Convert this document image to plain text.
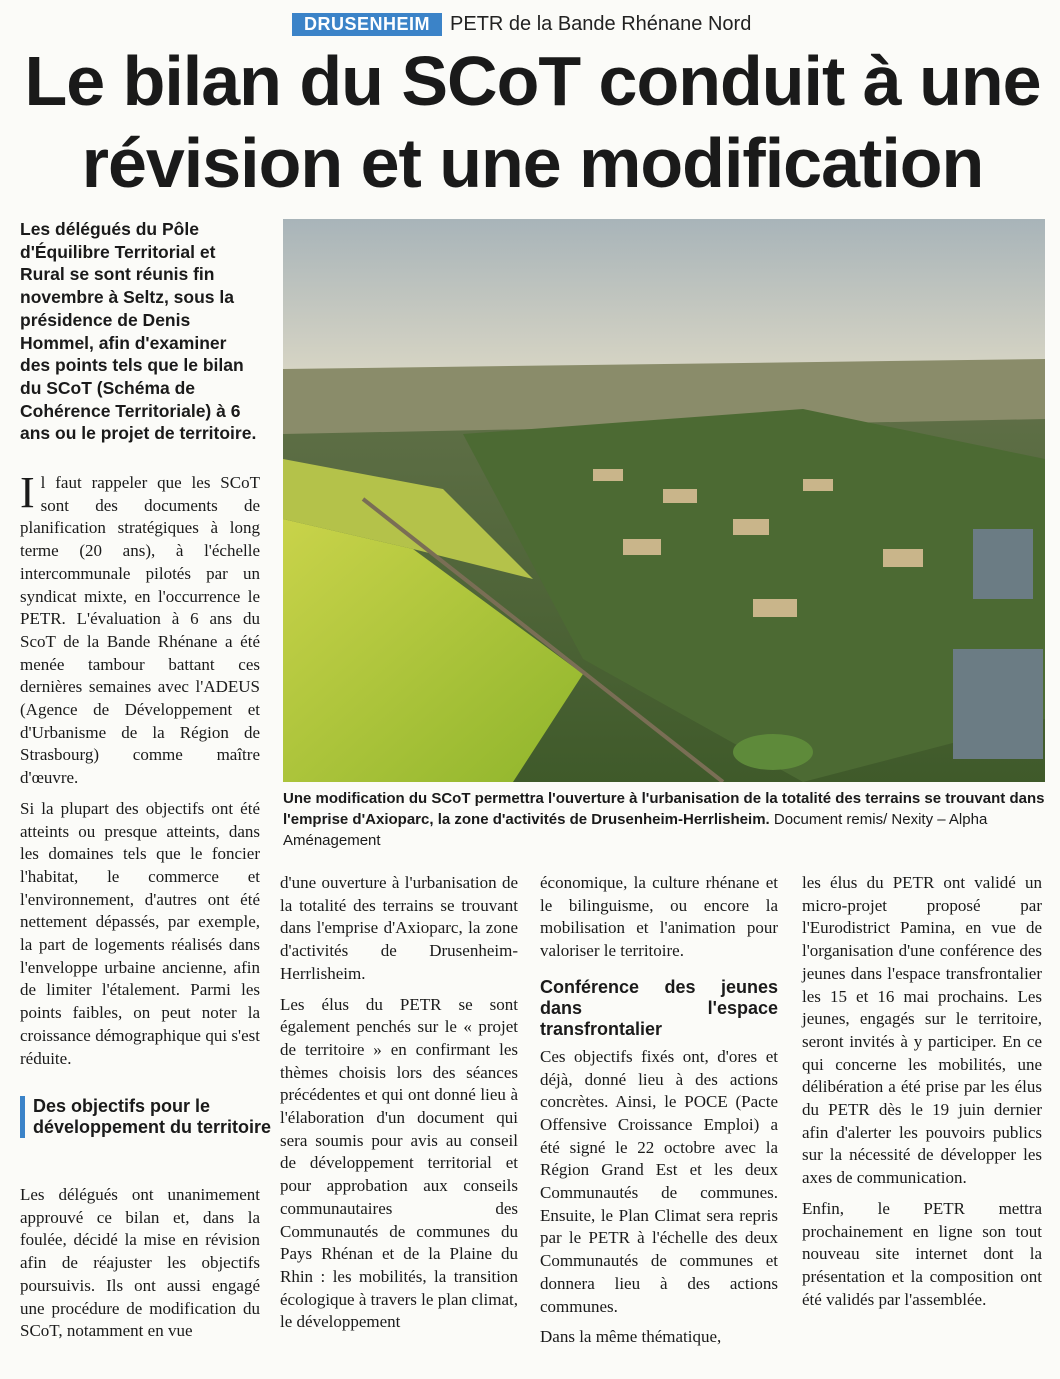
DRUSENHEIM	PETR de la Bande Rhénane Nord
Le bilan du SCoT conduit à une révision et une modification

Les délégués du Pôle d'Équilibre Territorial et Rural se sont réunis fin novembre à Seltz, sous la présidence de Denis Hommel, afin d'examiner des points tels que le bilan du SCoT (Schéma de Cohérence Territoriale) à 6 ans ou le projet de territoire.

Il faut rappeler que les SCoT sont des documents de planification stratégiques à long terme (20 ans), à l'échelle intercommunale pilotés par un syndicat mixte, en l'occurrence le PETR. L'évaluation à 6 ans du ScoT de la Bande Rhénane a été menée tambour battant ces dernières semaines avec l'ADEUS (Agence de Développement et d'Urbanisme de la Région de Strasbourg) comme maître d'œuvre.

Si la plupart des objectifs ont été atteints ou presque atteints, dans les domaines tels que le foncier l'habitat, le commerce et l'environnement, d'autres ont été nettement dépassés, par exemple, la part de logements réalisés dans l'enveloppe urbaine ancienne, afin de limiter l'étalement. Parmi les points faibles, on peut noter la croissance démographique qui s'est réduite.

Des objectifs pour le développement du territoire

Les délégués ont unanimement approuvé ce bilan et, dans la foulée, décidé la mise en révision afin de réajuster les objectifs poursuivis. Ils ont aussi engagé une procédure de modification du SCoT, notamment en vue

Une modification du SCoT permettra l'ouverture à l'urbanisation de la totalité des terrains se trouvant dans l'emprise d'Axioparc, la zone d'activités de Drusenheim-Herrlisheim. Document remis/ Nexity – Alpha Aménagement

d'une ouverture à l'urbanisation de la totalité des terrains se trouvant dans l'emprise d'Axioparc, la zone d'activités de Drusenheim-Herrlisheim.

Les élus du PETR se sont également penchés sur le « projet de territoire » en confirmant les thèmes choisis lors des séances précédentes et qui ont donné lieu à l'élaboration d'un document qui sera soumis pour avis au conseil de développement territorial et pour approbation aux conseils communautaires des Communautés de communes du Pays Rhénan et de la Plaine du Rhin : les mobilités, la transition écologique à travers le plan climat, le développement

économique, la culture rhénane et le bilinguisme, ou encore la mobilisation et l'animation pour valoriser le territoire.

Conférence des jeunes dans l'espace transfrontalier

Ces objectifs fixés ont, d'ores et déjà, donné lieu à des actions concrètes. Ainsi, le POCE (Pacte Offensive Croissance Emploi) a été signé le 22 octobre avec la Région Grand Est et les deux Communautés de communes. Ensuite, le Plan Climat sera repris par le PETR à l'échelle des deux Communautés de communes et donnera lieu à des actions communes.

Dans la même thématique,

les élus du PETR ont validé un micro-projet proposé par l'Eurodistrict Pamina, en vue de l'organisation d'une conférence des jeunes dans l'espace transfrontalier les 15 et 16 mai prochains. Les jeunes, engagés sur le territoire, seront invités à y participer. En ce qui concerne les mobilités, une délibération a été prise par les élus du PETR dès le 19 juin dernier afin d'alerter les pouvoirs publics sur la nécessité de développer les axes de communication.

Enfin, le PETR mettra prochainement en ligne son tout nouveau site internet dont la présentation et la composition ont été validés par l'assemblée.
